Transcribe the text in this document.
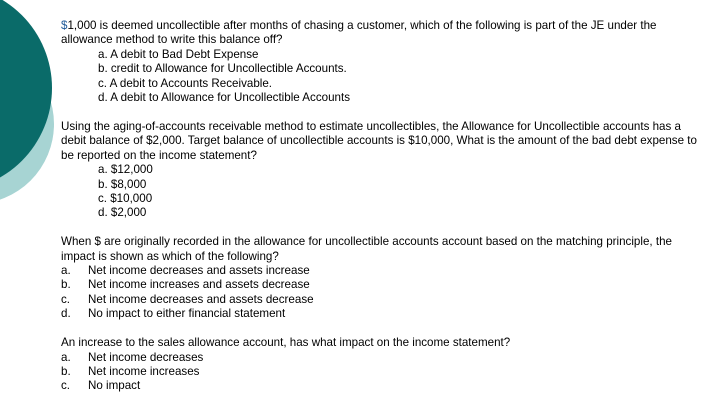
$1,000 is deemed uncollectible after months of chasing a customer, which of the following is part of the JE under the allowance method to write this balance off?

a. A debit to Bad Debt Expense
b. credit to Allowance for Uncollectible Accounts.
c. A debit to Accounts Receivable.
d. A debit to Allowance for Uncollectible Accounts

Using the aging-of-accounts receivable method to estimate uncollectibles, the Allowance for Uncollectible accounts has a debit balance of $2,000. Target balance of uncollectible accounts is $10,000, What is the amount of the bad debt expense to be reported on the income statement?

a. $12,000
b. $8,000
c. $10,000
d. $2,000

When $ are originally recorded in the allowance for uncollectible accounts account based on the matching principle, the impact is shown as which of the following?

a. Net income decreases and assets increase
b. Net income increases and assets decrease
c. Net income decreases and assets decrease
d. No impact to either financial statement

An increase to the sales allowance account, has what impact on the income statement?

a. Net income decreases
b. Net income increases
c. No impact
